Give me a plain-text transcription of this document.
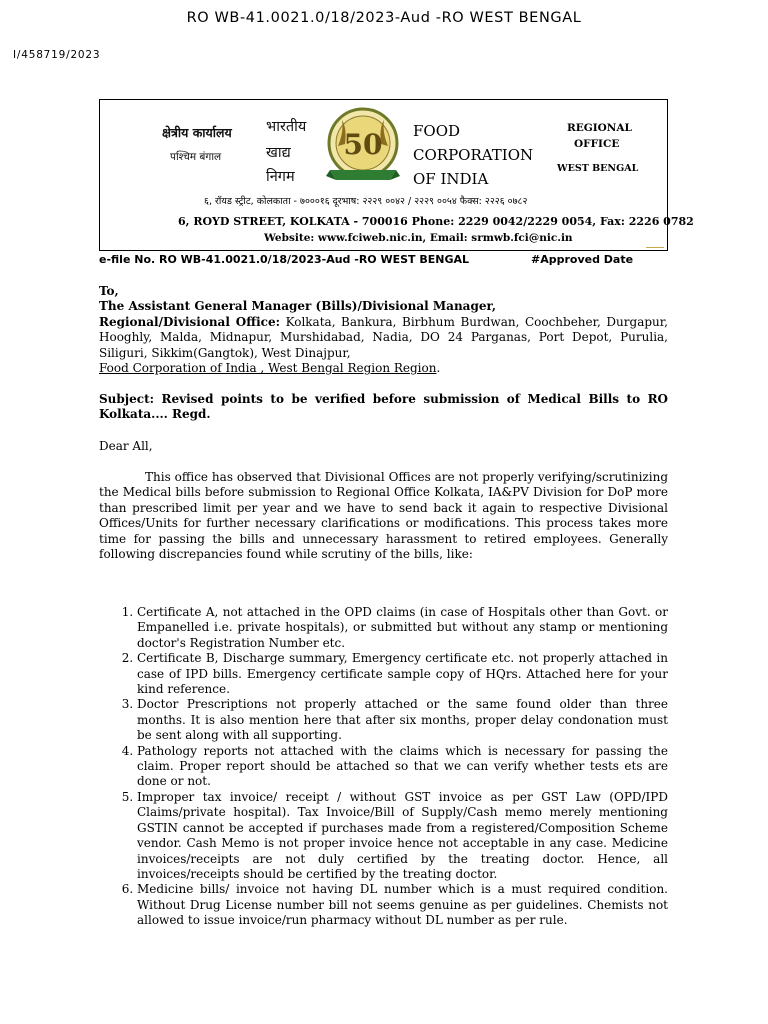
RO WB-41.0021.0/18/2023-Aud -RO WEST BENGAL
I/458719/2023
क्षेत्रीय कार्यालय
पश्चिम बंगाल
भारतीय
खाद्य
निगम
50 FOOD
CORPORATION
OF INDIA
REGIONAL
OFFICE
WEST BENGAL
६, रॉयड स्ट्रीट, कोलकाता - ७०००१६ दूरभाष: २२२९ ००४२ / २२२९ ००५४ फैक्स: २२२६ ०७८२
6, ROYD STREET, KOLKATA - 700016 Phone: 2229 0042/2229 0054, Fax: 2226 0782
Website: www.fciweb.nic.in, Email: srmwb.fci@nic.in
e-file No. RO WB-41.0021.0/18/2023-Aud -RO WEST BENGAL	#Approved Date
To,
The Assistant General Manager (Bills)/Divisional Manager,
Regional/Divisional Office: Kolkata, Bankura, Birbhum Burdwan, Coochbeher, Durgapur, Hooghly, Malda, Midnapur, Murshidabad, Nadia, DO 24 Parganas, Port Depot, Purulia, Siliguri, Sikkim(Gangtok), West Dinajpur,
Food Corporation of India , West Bengal Region Region.
Subject: Revised points to be verified before submission of Medical Bills to RO Kolkata.... Regd.
Dear All,
This office has observed that Divisional Offices are not properly verifying/scrutinizing the Medical bills before submission to Regional Office Kolkata, IA&PV Division for DoP more than prescribed limit per year and we have to send back it again to respective Divisional Offices/Units for further necessary clarifications or modifications. This process takes more time for passing the bills and unnecessary harassment to retired employees. Generally following discrepancies found while scrutiny of the bills, like:
1. Certificate A, not attached in the OPD claims (in case of Hospitals other than Govt. or Empanelled i.e. private hospitals), or submitted but without any stamp or mentioning doctor's Registration Number etc.
2. Certificate B, Discharge summary, Emergency certificate etc. not properly attached in case of IPD bills. Emergency certificate sample copy of HQrs. Attached here for your kind reference.
3. Doctor Prescriptions not properly attached or the same found older than three months. It is also mention here that after six months, proper delay condonation must be sent along with all supporting.
4. Pathology reports not attached with the claims which is necessary for passing the claim. Proper report should be attached so that we can verify whether tests ets are done or not.
5. Improper tax invoice/ receipt / without GST invoice as per GST Law (OPD/IPD Claims/private hospital). Tax Invoice/Bill of Supply/Cash memo merely mentioning GSTIN cannot be accepted if purchases made from a registered/Composition Scheme vendor. Cash Memo is not proper invoice hence not acceptable in any case. Medicine invoices/receipts are not duly certified by the treating doctor. Hence, all invoices/receipts should be certified by the treating doctor.
6. Medicine bills/ invoice not having DL number which is a must required condition. Without Drug License number bill not seems genuine as per guidelines. Chemists not allowed to issue invoice/run pharmacy without DL number as per rule.
